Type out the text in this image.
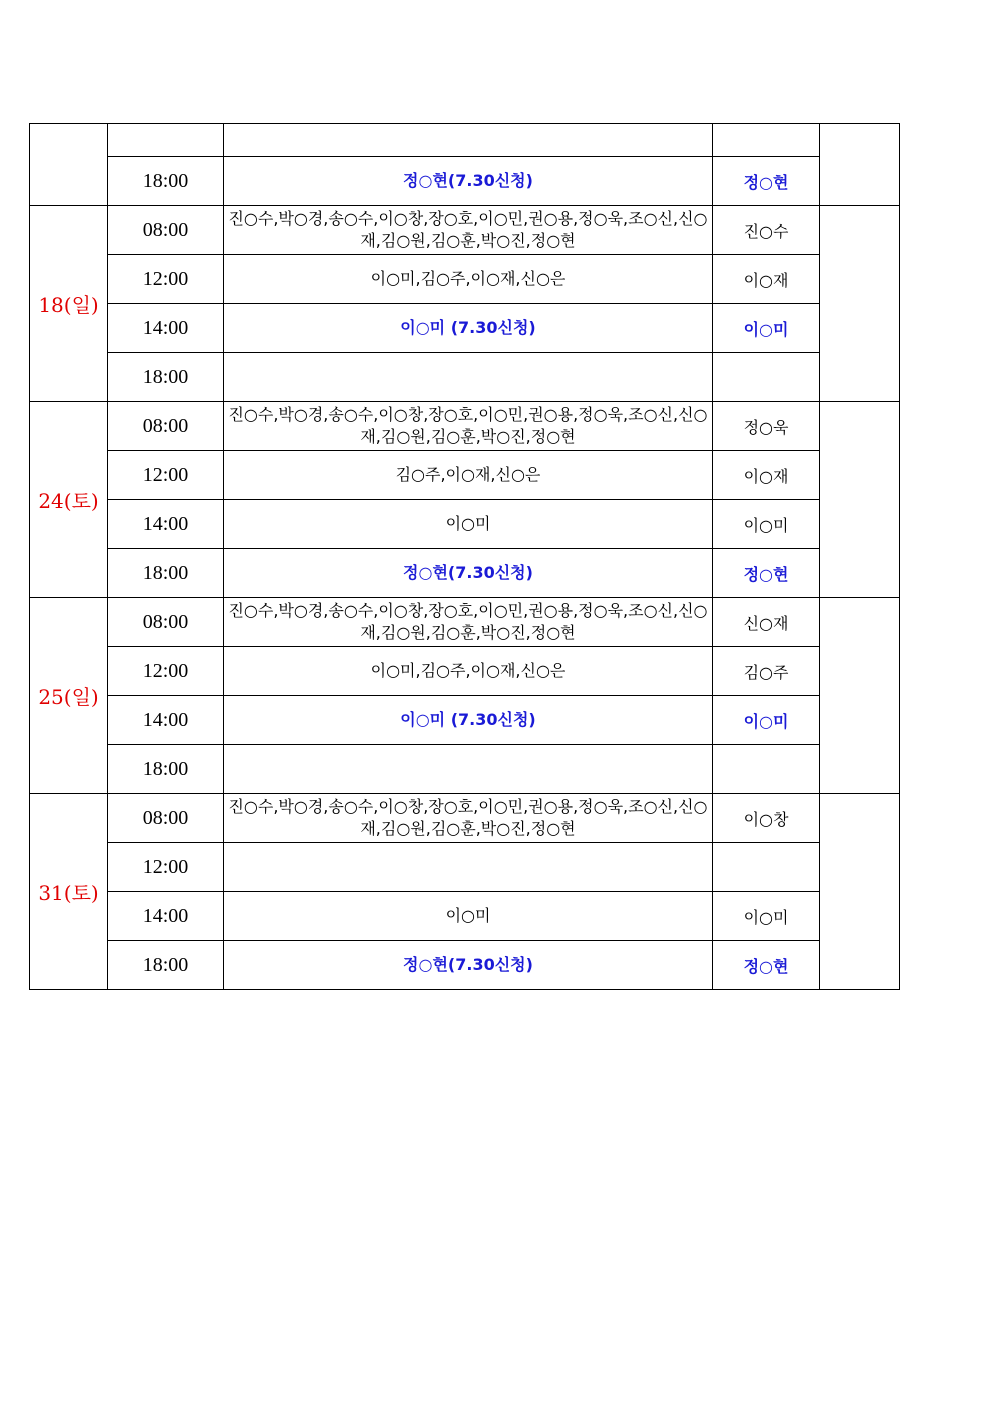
	18:00	정○현(7.30신청)	정○현	
18(일)	08:00	진○수,박○경,송○수,이○창,장○호,이○민,권○용,정○욱,조○신,신○재,김○원,김○훈,박○진,정○현	진○수	
	12:00	이○미,김○주,이○재,신○은	이○재	
	14:00	이○미 (7.30신청)	이○미	
	18:00			
24(토)	08:00	진○수,박○경,송○수,이○창,장○호,이○민,권○용,정○욱,조○신,신○재,김○원,김○훈,박○진,정○현	정○욱	
	12:00	김○주,이○재,신○은	이○재	
	14:00	이○미	이○미	
	18:00	정○현(7.30신청)	정○현	
25(일)	08:00	진○수,박○경,송○수,이○창,장○호,이○민,권○용,정○욱,조○신,신○재,김○원,김○훈,박○진,정○현	신○재	
	12:00	이○미,김○주,이○재,신○은	김○주	
	14:00	이○미 (7.30신청)	이○미	
	18:00			
31(토)	08:00	진○수,박○경,송○수,이○창,장○호,이○민,권○용,정○욱,조○신,신○재,김○원,김○훈,박○진,정○현	이○창	
	12:00			
	14:00	이○미	이○미	
	18:00	정○현(7.30신청)	정○현	
